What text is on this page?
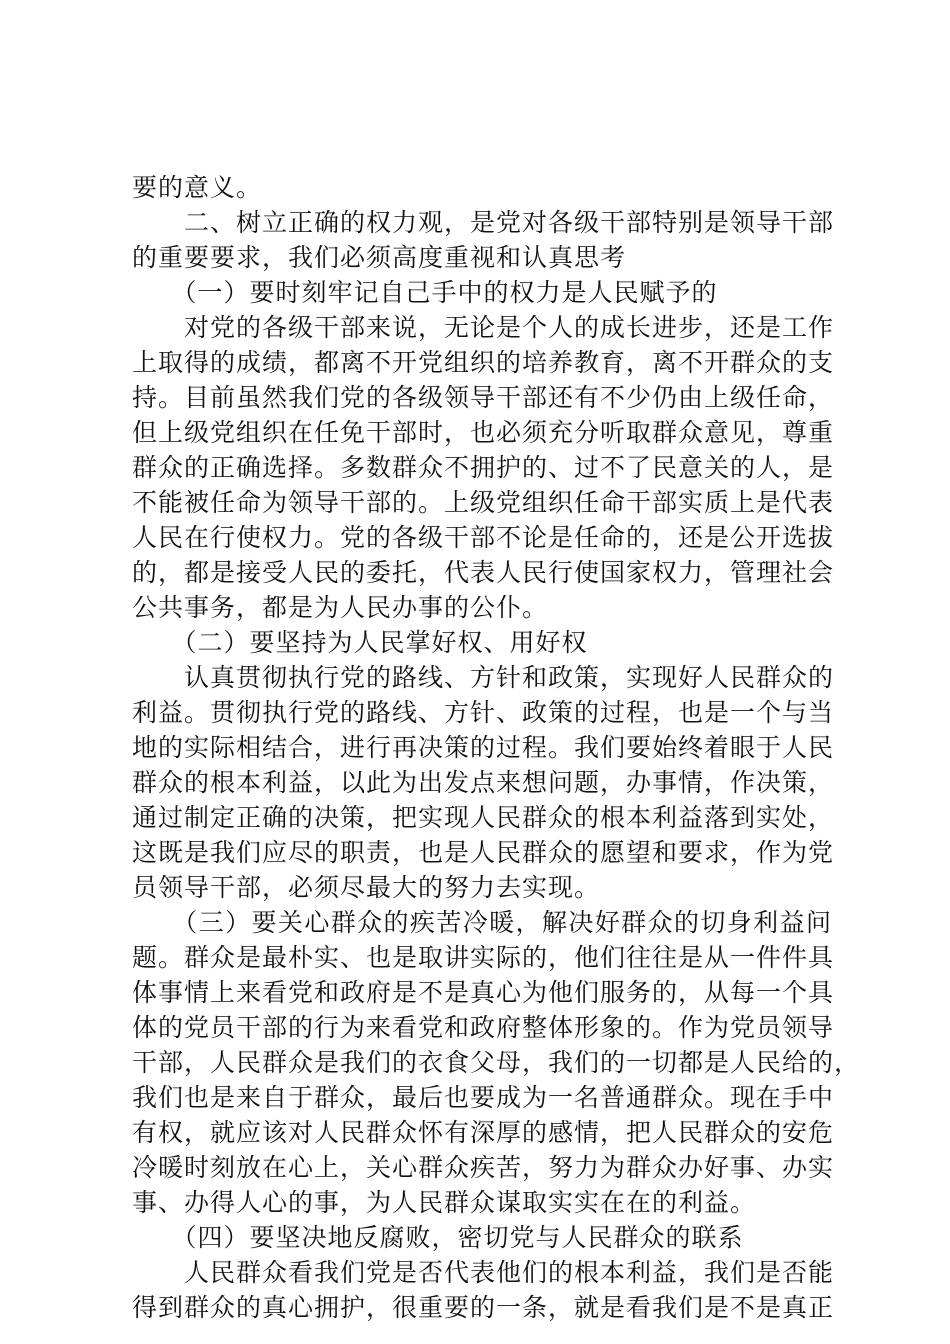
要的意义。
　　二、树立正确的权力观，是党对各级干部特别是领导干部
的重要要求，我们必须高度重视和认真思考
　　（一）要时刻牢记自己手中的权力是人民赋予的
　　对党的各级干部来说，无论是个人的成长进步，还是工作
上取得的成绩，都离不开党组织的培养教育，离不开群众的支
持。目前虽然我们党的各级领导干部还有不少仍由上级任命，
但上级党组织在任免干部时，也必须充分听取群众意见，尊重
群众的正确选择。多数群众不拥护的、过不了民意关的人，是
不能被任命为领导干部的。上级党组织任命干部实质上是代表
人民在行使权力。党的各级干部不论是任命的，还是公开选拔
的，都是接受人民的委托，代表人民行使国家权力，管理社会
公共事务，都是为人民办事的公仆。
　　（二）要坚持为人民掌好权、用好权
　　认真贯彻执行党的路线、方针和政策，实现好人民群众的
利益。贯彻执行党的路线、方针、政策的过程，也是一个与当
地的实际相结合，进行再决策的过程。我们要始终着眼于人民
群众的根本利益，以此为出发点来想问题，办事情，作决策，
通过制定正确的决策，把实现人民群众的根本利益落到实处，
这既是我们应尽的职责，也是人民群众的愿望和要求，作为党
员领导干部，必须尽最大的努力去实现。
　　（三）要关心群众的疾苦冷暖，解决好群众的切身利益问
题。群众是最朴实、也是取讲实际的，他们往往是从一件件具
体事情上来看党和政府是不是真心为他们服务的，从每一个具
体的党员干部的行为来看党和政府整体形象的。作为党员领导
干部，人民群众是我们的衣食父母，我们的一切都是人民给的，
我们也是来自于群众，最后也要成为一名普通群众。现在手中
有权，就应该对人民群众怀有深厚的感情，把人民群众的安危
冷暖时刻放在心上，关心群众疾苦，努力为群众办好事、办实
事、办得人心的事，为人民群众谋取实实在在的利益。
　　（四）要坚决地反腐败，密切党与人民群众的联系
　　人民群众看我们党是否代表他们的根本利益，我们是否能
得到群众的真心拥护，很重要的一条，就是看我们是不是真正
